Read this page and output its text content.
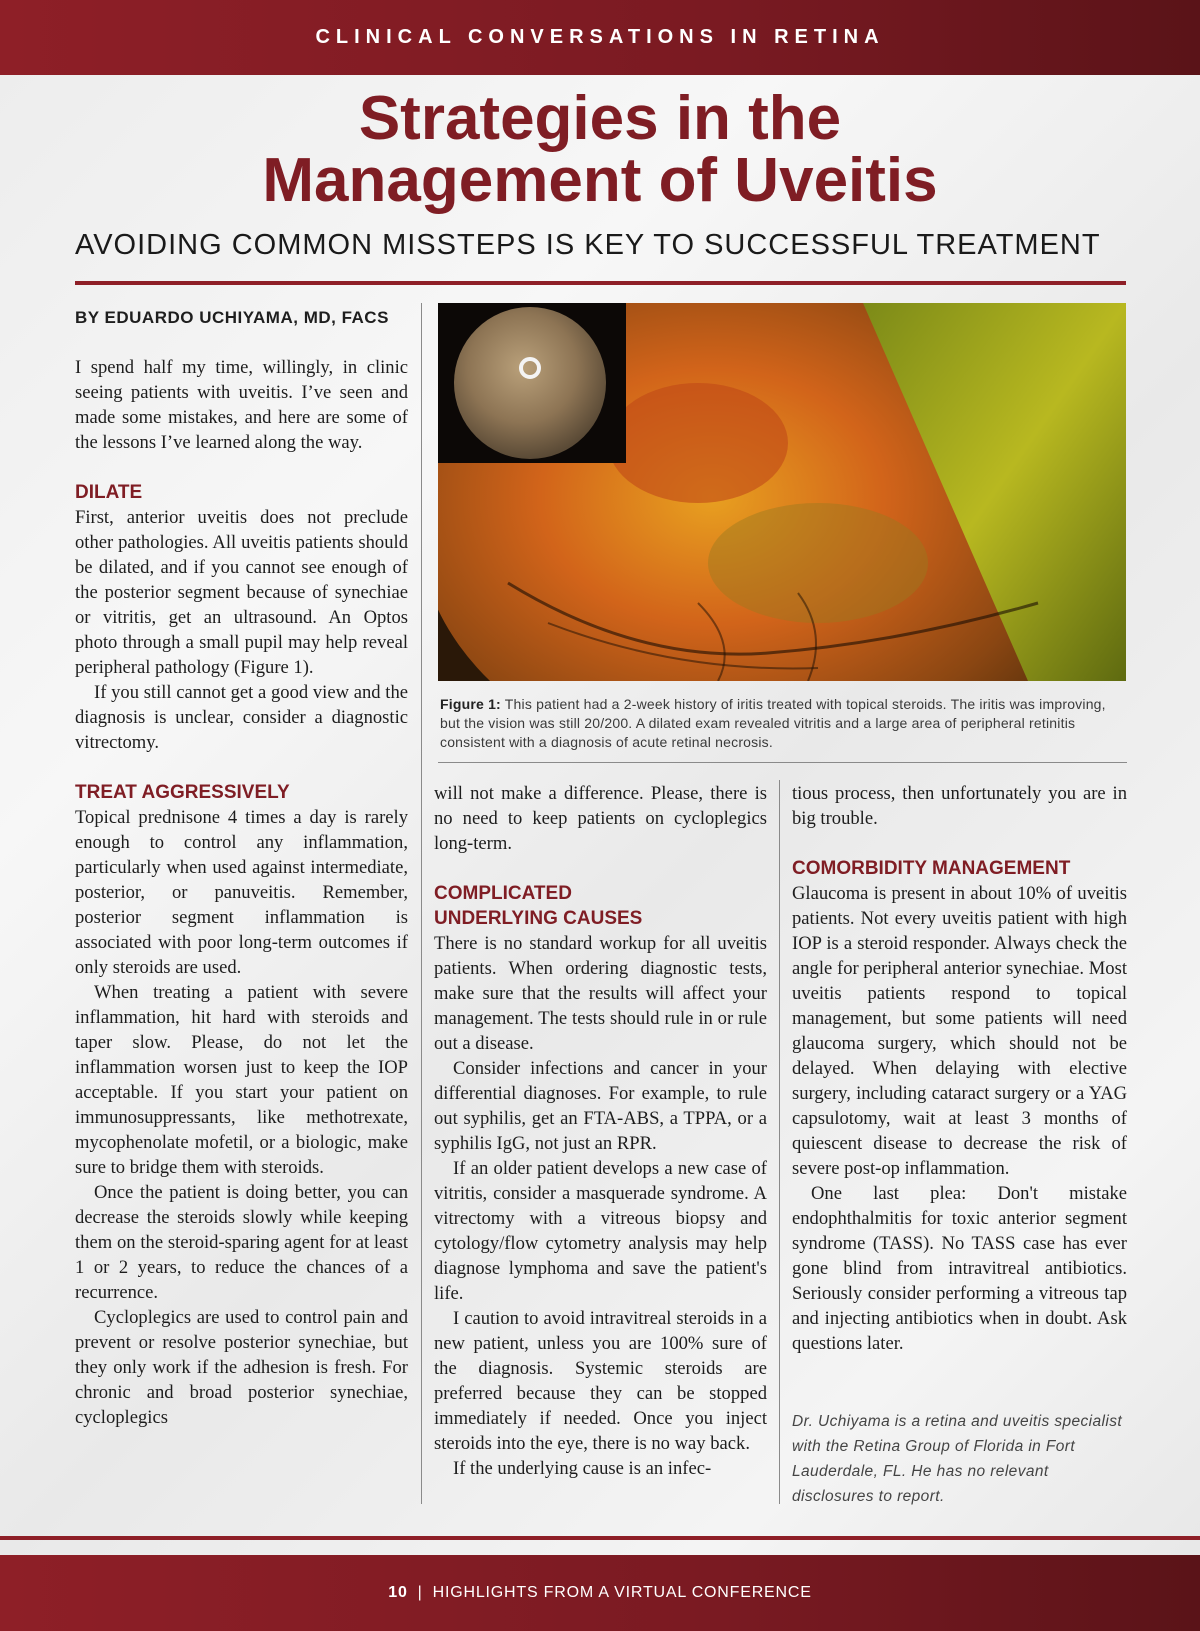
CLINICAL CONVERSATIONS IN RETINA
Strategies in the
Management of Uveitis
AVOIDING COMMON MISSTEPS IS KEY TO SUCCESSFUL TREATMENT
BY EDUARDO UCHIYAMA, MD, FACS

I spend half my time, willingly, in clinic seeing patients with uveitis. I’ve seen and made some mistakes, and here are some of the lessons I’ve learned along the way.

DILATE

First, anterior uveitis does not preclude other pathologies. All uveitis patients should be dilated, and if you cannot see enough of the posterior segment because of synechiae or vitritis, get an ultrasound. An Optos photo through a small pupil may help reveal peripheral pathology (Figure 1).

If you still cannot get a good view and the diagnosis is unclear, consider a diagnostic vitrectomy.

TREAT AGGRESSIVELY

Topical prednisone 4 times a day is rarely enough to control any inflammation, particularly when used against intermediate, posterior, or panuveitis. Remember, posterior segment inflammation is associated with poor long-term outcomes if only steroids are used.

When treating a patient with severe inflammation, hit hard with steroids and taper slow. Please, do not let the inflammation worsen just to keep the IOP acceptable. If you start your patient on immunosuppressants, like methotrexate, mycophenolate mofetil, or a biologic, make sure to bridge them with steroids.

Once the patient is doing better, you can decrease the steroids slowly while keeping them on the steroid-sparing agent for at least 1 or 2 years, to reduce the chances of a recurrence.

Cycloplegics are used to control pain and prevent or resolve posterior synechiae, but they only work if the adhesion is fresh. For chronic and broad posterior synechiae, cycloplegics

Figure 1: This patient had a 2-week history of iritis treated with topical steroids. The iritis was improving, but the vision was still 20/200. A dilated exam revealed vitritis and a large area of peripheral retinitis consistent with a diagnosis of acute retinal necrosis.

will not make a difference. Please, there is no need to keep patients on cycloplegics long-term.

COMPLICATED
UNDERLYING CAUSES

There is no standard workup for all uveitis patients. When ordering diagnostic tests, make sure that the results will affect your management. The tests should rule in or rule out a disease.

Consider infections and cancer in your differential diagnoses. For example, to rule out syphilis, get an FTA-ABS, a TPPA, or a syphilis IgG, not just an RPR.

If an older patient develops a new case of vitritis, consider a masquerade syndrome. A vitrectomy with a vitreous biopsy and cytology/flow cytometry analysis may help diagnose lymphoma and save the patient's life.

I caution to avoid intravitreal steroids in a new patient, unless you are 100% sure of the diagnosis. Systemic steroids are preferred because they can be stopped immediately if needed. Once you inject steroids into the eye, there is no way back.

If the underlying cause is an infec-

tious process, then unfortunately you are in big trouble.

COMORBIDITY MANAGEMENT

Glaucoma is present in about 10% of uveitis patients. Not every uveitis patient with high IOP is a steroid responder. Always check the angle for peripheral anterior synechiae. Most uveitis patients respond to topical management, but some patients will need glaucoma surgery, which should not be delayed. When delaying with elective surgery, including cataract surgery or a YAG capsulotomy, wait at least 3 months of quiescent disease to decrease the risk of severe post-op inflammation.

One last plea: Don't mistake endophthalmitis for toxic anterior segment syndrome (TASS). No TASS case has ever gone blind from intravitreal antibiotics. Seriously consider performing a vitreous tap and injecting antibiotics when in doubt. Ask questions later.

Dr. Uchiyama is a retina and uveitis specialist with the Retina Group of Florida in Fort Lauderdale, FL. He has no relevant disclosures to report.
10 | HIGHLIGHTS FROM A VIRTUAL CONFERENCE
